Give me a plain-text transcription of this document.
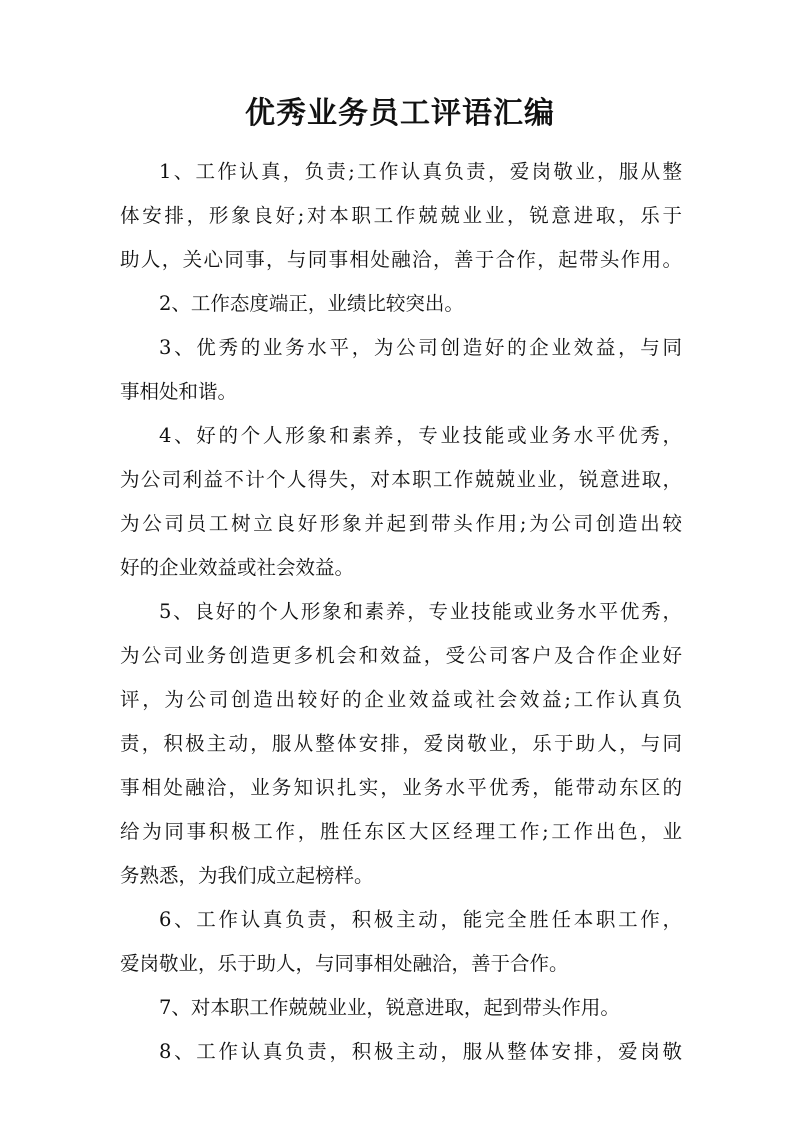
优秀业务员工评语汇编
1、工作认真，负责;工作认真负责，爱岗敬业，服从整
体安排，形象良好;对本职工作兢兢业业，锐意进取，乐于
助人，关心同事，与同事相处融洽，善于合作，起带头作用。
2、工作态度端正，业绩比较突出。
3、优秀的业务水平，为公司创造好的企业效益，与同
事相处和谐。
4、好的个人形象和素养，专业技能或业务水平优秀，
为公司利益不计个人得失，对本职工作兢兢业业，锐意进取，
为公司员工树立良好形象并起到带头作用;为公司创造出较
好的企业效益或社会效益。
5、良好的个人形象和素养，专业技能或业务水平优秀，
为公司业务创造更多机会和效益，受公司客户及合作企业好
评，为公司创造出较好的企业效益或社会效益;工作认真负
责，积极主动，服从整体安排，爱岗敬业，乐于助人，与同
事相处融洽，业务知识扎实，业务水平优秀，能带动东区的
给为同事积极工作，胜任东区大区经理工作;工作出色，业
务熟悉，为我们成立起榜样。
6、工作认真负责，积极主动，能完全胜任本职工作，
爱岗敬业，乐于助人，与同事相处融洽，善于合作。
7、对本职工作兢兢业业，锐意进取，起到带头作用。
8、工作认真负责，积极主动，服从整体安排，爱岗敬
